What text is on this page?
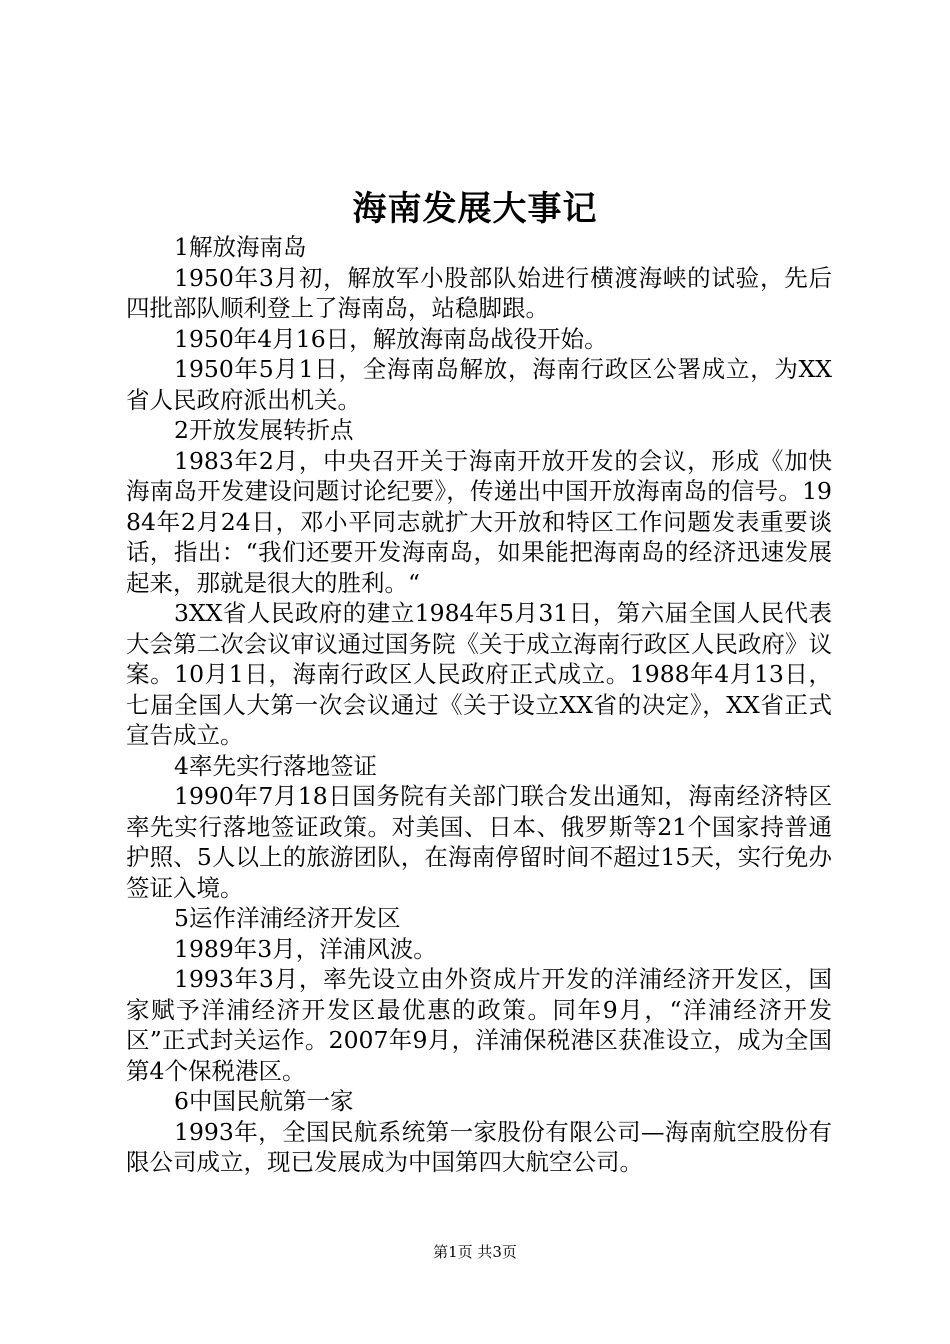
海南发展大事记

1解放海南岛

1950年3月初，解放军小股部队始进行横渡海峡的试验，先后四批部队顺利登上了海南岛，站稳脚跟。

1950年4月16日，解放海南岛战役开始。

1950年5月1日，全海南岛解放，海南行政区公署成立，为XX省人民政府派出机关。

2开放发展转折点

1983年2月，中央召开关于海南开放开发的会议，形成《加快海南岛开发建设问题讨论纪要》，传递出中国开放海南岛的信号。1984年2月24日，邓小平同志就扩大开放和特区工作问题发表重要谈话，指出：“我们还要开发海南岛，如果能把海南岛的经济迅速发展起来，那就是很大的胜利。“

3XX省人民政府的建立1984年5月31日，第六届全国人民代表大会第二次会议审议通过国务院《关于成立海南行政区人民政府》议案。10月1日，海南行政区人民政府正式成立。1988年4月13日，七届全国人大第一次会议通过《关于设立XX省的决定》，XX省正式宣告成立。

4率先实行落地签证

1990年7月18日国务院有关部门联合发出通知，海南经济特区率先实行落地签证政策。对美国、日本、俄罗斯等21个国家持普通护照、5人以上的旅游团队，在海南停留时间不超过15天，实行免办签证入境。

5运作洋浦经济开发区

1989年3月，洋浦风波。

1993年3月，率先设立由外资成片开发的洋浦经济开发区，国家赋予洋浦经济开发区最优惠的政策。同年9月，“洋浦经济开发区”正式封关运作。2007年9月，洋浦保税港区获准设立，成为全国第4个保税港区。

6中国民航第一家

1993年，全国民航系统第一家股份有限公司—海南航空股份有限公司成立，现已发展成为中国第四大航空公司。

第1页 共3页
